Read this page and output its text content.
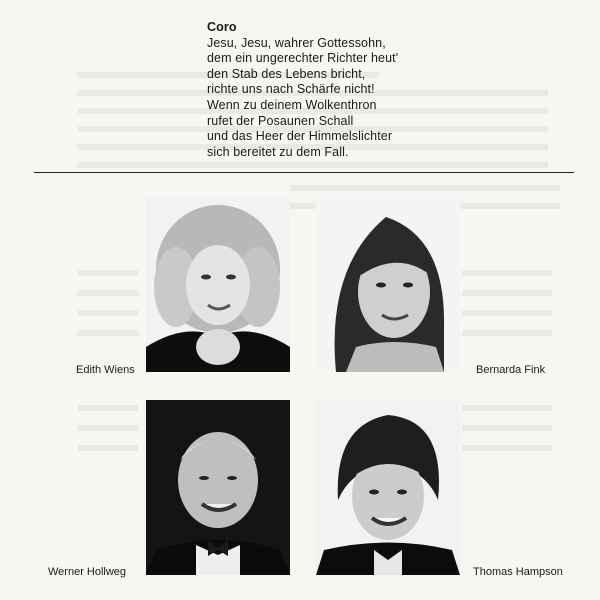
Coro
Jesu, Jesu, wahrer Gottessohn,
dem ein ungerechter Richter heut'
den Stab des Lebens bricht,
richte uns nach Schärfe nicht!
Wenn zu deinem Wolkenthron
rufet der Posaunen Schall
und das Heer der Himmelslichter
sich bereitet zu dem Fall.
Edith Wiens	Bernarda Fink
Werner Hollweg	Thomas Hampson
